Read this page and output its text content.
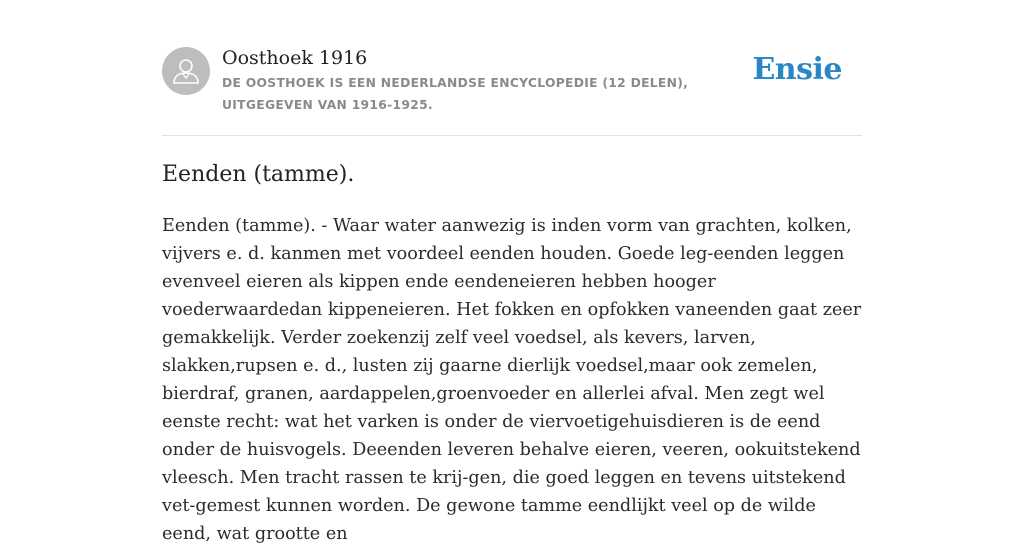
Oosthoek 1916
DE OOSTHOEK IS EEN NEDERLANDSE ENCYCLOPEDIE (12 DELEN), UITGEGEVEN VAN 1916-1925.
Ensie
Eenden (tamme).

Eenden (tamme). - Waar water aanwezig is inden vorm van grachten, kolken, vijvers e. d. kanmen met voordeel eenden houden. Goede leg-eenden leggen evenveel eieren als kippen ende eendeneieren hebben hooger voederwaardedan kippeneieren. Het fokken en opfokken vaneenden gaat zeer gemakkelijk. Verder zoekenzij zelf veel voedsel, als kevers, larven, slakken,rupsen e. d., lusten zij gaarne dierlijk voedsel,maar ook zemelen, bierdraf, granen, aardappelen,groenvoeder en allerlei afval. Men zegt wel eenste recht: wat het varken is onder de viervoetigehuisdieren is de eend onder de huisvogels. Deeenden leveren behalve eieren, veeren, ookuitstekend vleesch. Men tracht rassen te krij-gen, die goed leggen en tevens uitstekend vet-gemest kunnen worden. De gewone tamme eendlijkt veel op de wilde eend, wat grootte en
